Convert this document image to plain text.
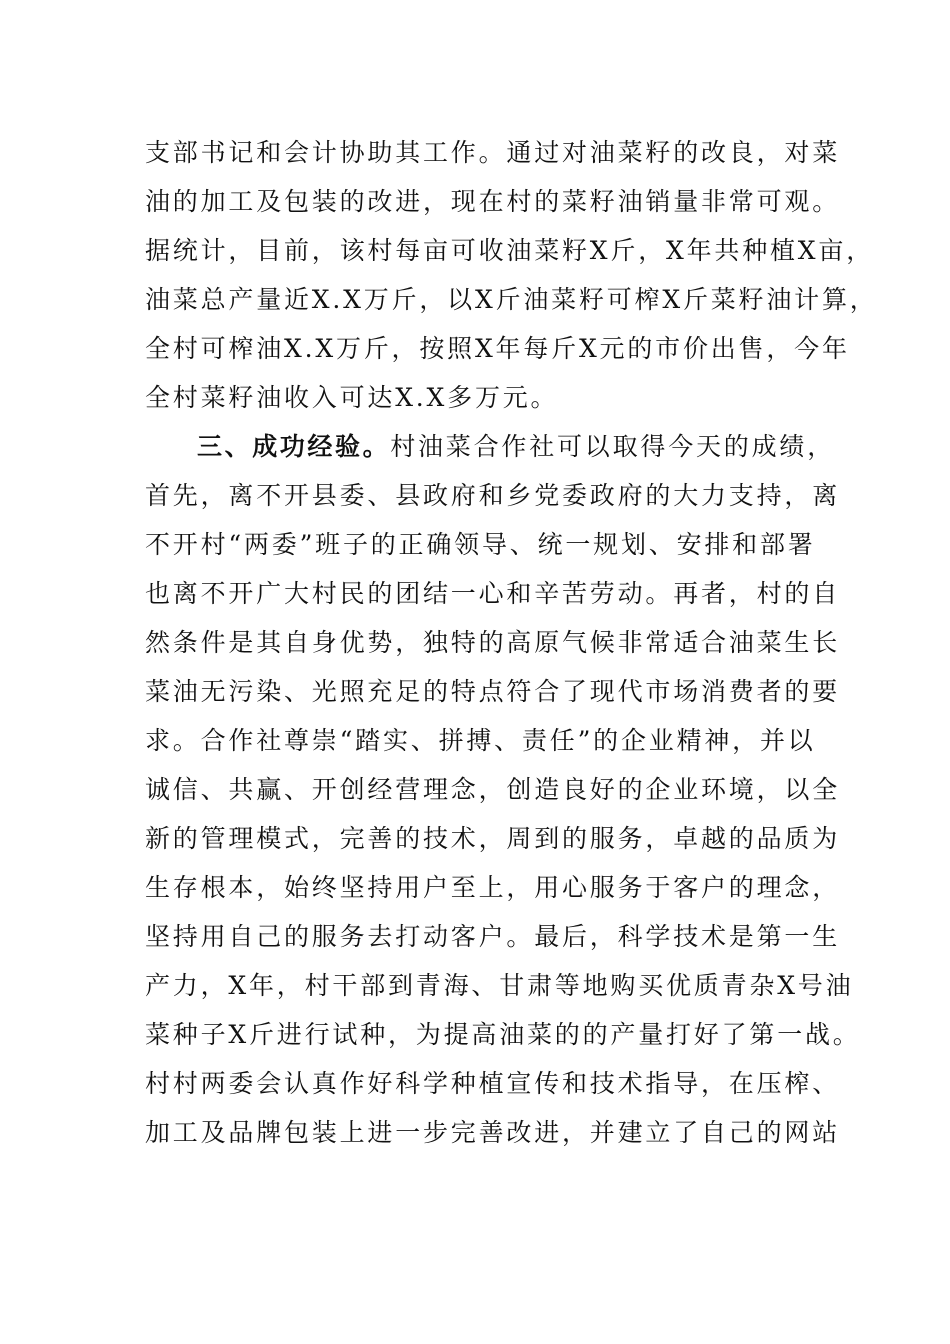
支部书记和会计协助其工作。通过对油菜籽的改良，对菜
油的加工及包装的改进，现在村的菜籽油销量非常可观。
据统计，目前，该村每亩可收油菜籽X斤，X年共种植X亩，
油菜总产量近X.X万斤，以X斤油菜籽可榨X斤菜籽油计算，
全村可榨油X.X万斤，按照X年每斤X元的市价出售，今年
全村菜籽油收入可达X.X多万元。
三、成功经验。村油菜合作社可以取得今天的成绩，
首先，离不开县委、县政府和乡党委政府的大力支持，离
不开村“两委”班子的正确领导、统一规划、安排和部署
也离不开广大村民的团结一心和辛苦劳动。再者，村的自
然条件是其自身优势，独特的高原气候非常适合油菜生长
菜油无污染、光照充足的特点符合了现代市场消费者的要
求。合作社尊崇“踏实、拼搏、责任”的企业精神，并以
诚信、共赢、开创经营理念，创造良好的企业环境，以全
新的管理模式，完善的技术，周到的服务，卓越的品质为
生存根本，始终坚持用户至上，用心服务于客户的理念，
坚持用自己的服务去打动客户。最后，科学技术是第一生
产力，X年，村干部到青海、甘肃等地购买优质青杂X号油
菜种子X斤进行试种，为提高油菜的的产量打好了第一战。
村村两委会认真作好科学种植宣传和技术指导，在压榨、
加工及品牌包装上进一步完善改进，并建立了自己的网站
